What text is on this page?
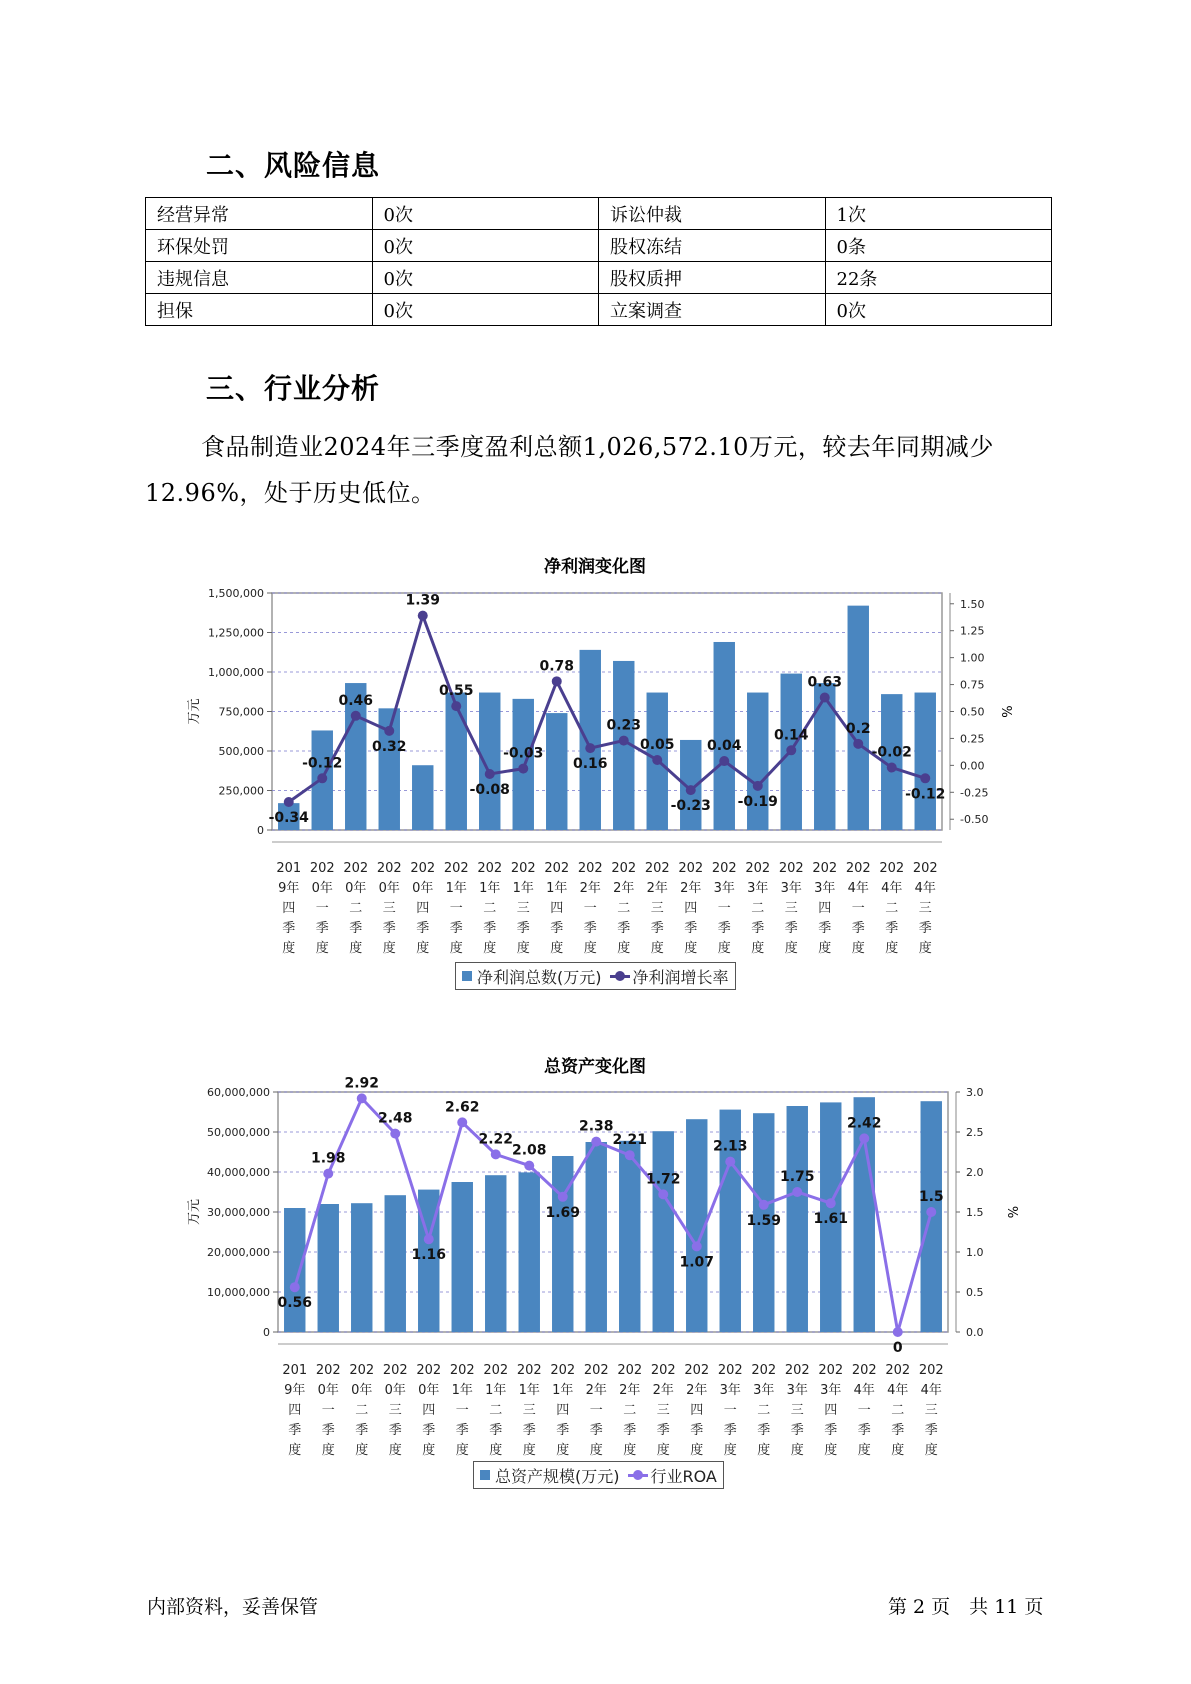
二、风险信息
经营异常	0次	诉讼仲裁	1次
环保处罚	0次	股权冻结	0条
违规信息	0次	股权质押	22条
担保	0次	立案调查	0次
三、行业分析

食品制造业2024年三季度盈利总额1,026,572.10万元，较去年同期减少12.96%，处于历史低位。

净利润变化图
0
250,000
500,000
750,000
1,000,000
1,250,000
1,500,000
-0.50
-0.25
0.00
0.25
0.50
0.75
1.00
1.25
1.50
万元	%
201 9年四季度
202 0年一季度
202 0年二季度
202 0年三季度
202 0年四季度
202 1年一季度
202 1年二季度
202 1年三季度
202 1年四季度
202 2年一季度
202 2年二季度
202 2年三季度
202 2年四季度
202 3年一季度
202 3年二季度
202 3年三季度
202 3年四季度
202 4年一季度
202 4年二季度
202 4年三季度
-0.34
-0.12
0.46
0.32
1.39
0.55
-0.08
-0.03
0.78
0.16
0.23
0.05
-0.23
0.04
-0.19
0.14
0.63
0.2
-0.02
-0.12
净利润总数(万元) 净利润增长率
总资产变化图
0
10,000,000
20,000,000
30,000,000
40,000,000
50,000,000
60,000,000
0.0
0.5
1.0
1.5
2.0
2.5
3.0
万元	%
201 9年四季度
202 0年一季度
202 0年二季度
202 0年三季度
202 0年四季度
202 1年一季度
202 1年二季度
202 1年三季度
202 1年四季度
202 2年一季度
202 2年二季度
202 2年三季度
202 2年四季度
202 3年一季度
202 3年二季度
202 3年三季度
202 3年四季度
202 4年一季度
202 4年二季度
202 4年三季度
0.56
1.98
2.92
2.48
1.16
2.62
2.22
2.08
1.69
2.38
2.21
1.72
1.07
2.13
1.59
1.75
1.61
2.42
0
1.5
总资产规模(万元) 行业ROA
内部资料，妥善保管	第 2 页　共 11 页
